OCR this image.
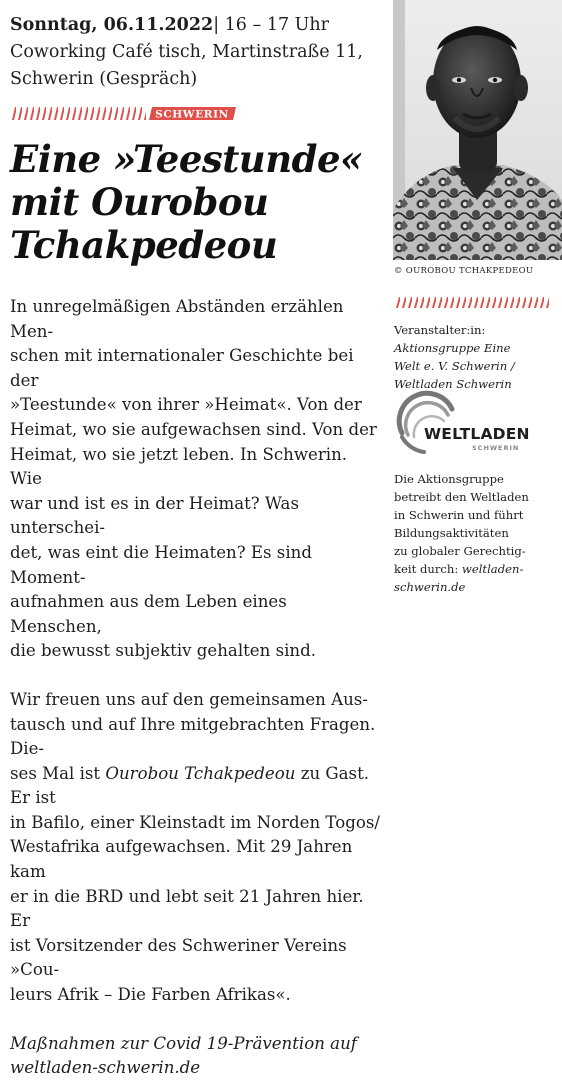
Sonntag, 06.11.2022| 16 – 17 Uhr
Coworking Café tisch, Martinstraße 11,
Schwerin (Gespräch)
SCHWERIN
Eine »Teestunde«
mit Ourobou
Tchakpedeou

In unregelmäßigen Abständen erzählen Men-
schen mit internationaler Geschichte bei der
»Teestunde« von ihrer »Heimat«. Von der
Heimat, wo sie aufgewachsen sind. Von der
Heimat, wo sie jetzt leben. In Schwerin. Wie
war und ist es in der Heimat? Was unterschei-
det, was eint die Heimaten? Es sind Moment-
aufnahmen aus dem Leben eines Menschen,
die bewusst subjektiv gehalten sind.

Wir freuen uns auf den gemeinsamen Aus-
tausch und auf Ihre mitgebrachten Fragen. Die-
ses Mal ist Ourobou Tchakpedeou zu Gast. Er ist
in Bafilo, einer Kleinstadt im Norden Togos/
Westafrika aufgewachsen. Mit 29 Jahren kam
er in die BRD und lebt seit 21 Jahren hier. Er
ist Vorsitzender des Schweriner Vereins »Cou-
leurs Afrik – Die Farben Afrikas«.

Maßnahmen zur Covid 19-Prävention auf
weltladen-schwerin.de

© OUROBOU TCHAKPEDEOU
Veranstalter:in:
Aktionsgruppe Eine
Welt e. V. Schwerin /
Weltladen Schwerin
WELTLADEN
SCHWERIN
Die Aktionsgruppe
betreibt den Weltladen
in Schwerin und führt
Bildungsaktivitäten
zu globaler Gerechtig-
keit durch: weltladen-
schwerin.de
